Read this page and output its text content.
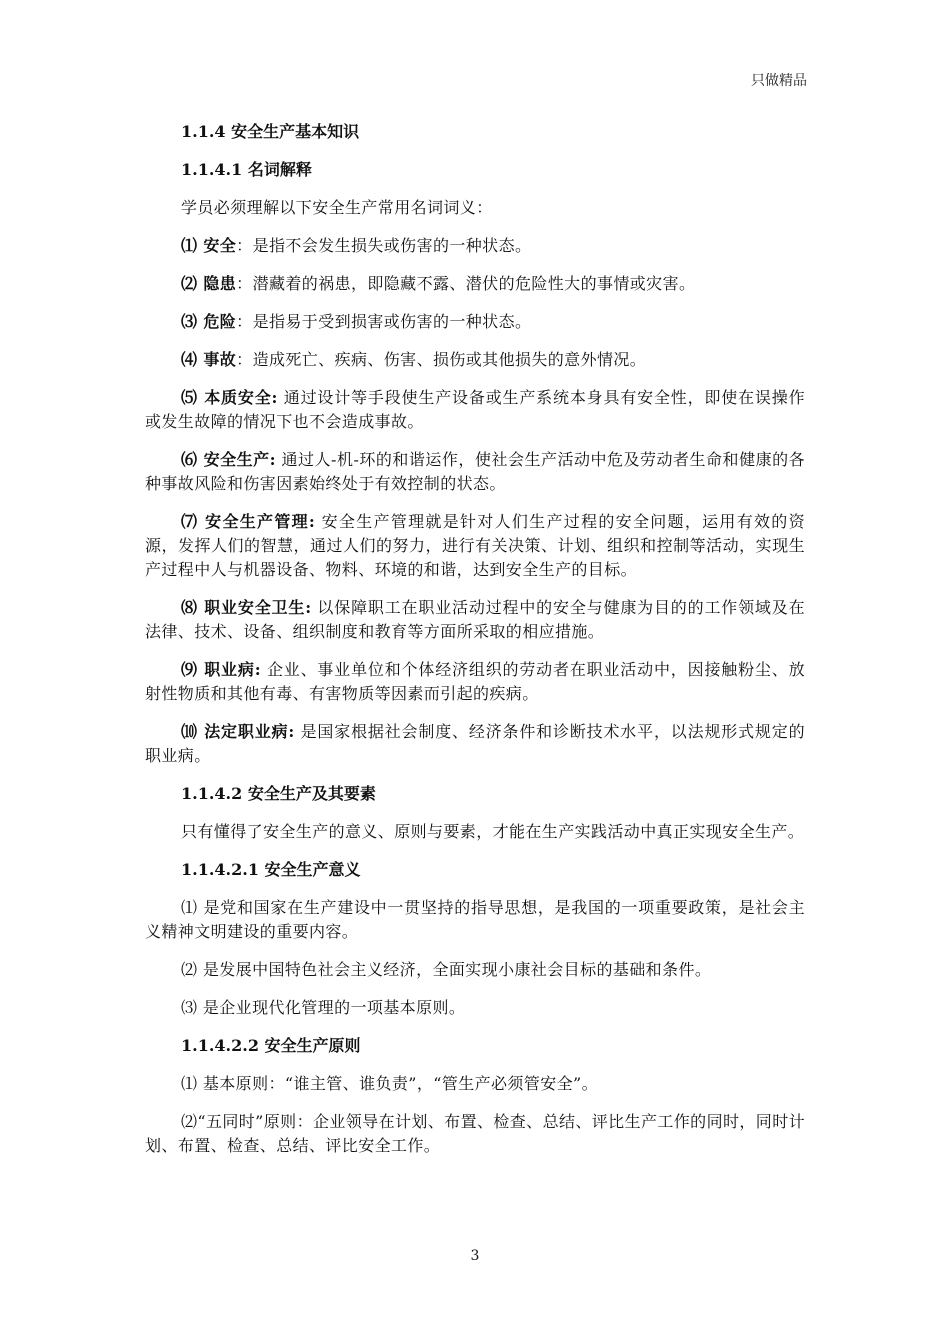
只做精品
1.1.4 安全生产基本知识
1.1.4.1 名词解释
学员必须理解以下安全生产常用名词词义：
⑴ 安全：是指不会发生损失或伤害的一种状态。
⑵ 隐患：潜藏着的祸患，即隐藏不露、潜伏的危险性大的事情或灾害。
⑶ 危险：是指易于受到损害或伤害的一种状态。
⑷ 事故：造成死亡、疾病、伤害、损伤或其他损失的意外情况。
⑸ 本质安全: 通过设计等手段使生产设备或生产系统本身具有安全性，即使在误操作或发生故障的情况下也不会造成事故。
⑹ 安全生产: 通过人-机-环的和谐运作，使社会生产活动中危及劳动者生命和健康的各种事故风险和伤害因素始终处于有效控制的状态。
⑺ 安全生产管理: 安全生产管理就是针对人们生产过程的安全问题，运用有效的资源，发挥人们的智慧，通过人们的努力，进行有关决策、计划、组织和控制等活动，实现生产过程中人与机器设备、物料、环境的和谐，达到安全生产的目标。
⑻ 职业安全卫生: 以保障职工在职业活动过程中的安全与健康为目的的工作领域及在法律、技术、设备、组织制度和教育等方面所采取的相应措施。
⑼ 职业病: 企业、事业单位和个体经济组织的劳动者在职业活动中，因接触粉尘、放射性物质和其他有毒、有害物质等因素而引起的疾病。
⑽ 法定职业病: 是国家根据社会制度、经济条件和诊断技术水平，以法规形式规定的职业病。
1.1.4.2 安全生产及其要素
只有懂得了安全生产的意义、原则与要素，才能在生产实践活动中真正实现安全生产。
1.1.4.2.1 安全生产意义
⑴ 是党和国家在生产建设中一贯坚持的指导思想，是我国的一项重要政策，是社会主义精神文明建设的重要内容。
⑵ 是发展中国特色社会主义经济，全面实现小康社会目标的基础和条件。
⑶ 是企业现代化管理的一项基本原则。
1.1.4.2.2 安全生产原则
⑴ 基本原则：“谁主管、谁负责”，“管生产必须管安全”。
⑵“五同时”原则：企业领导在计划、布置、检查、总结、评比生产工作的同时，同时计划、布置、检查、总结、评比安全工作。
3
